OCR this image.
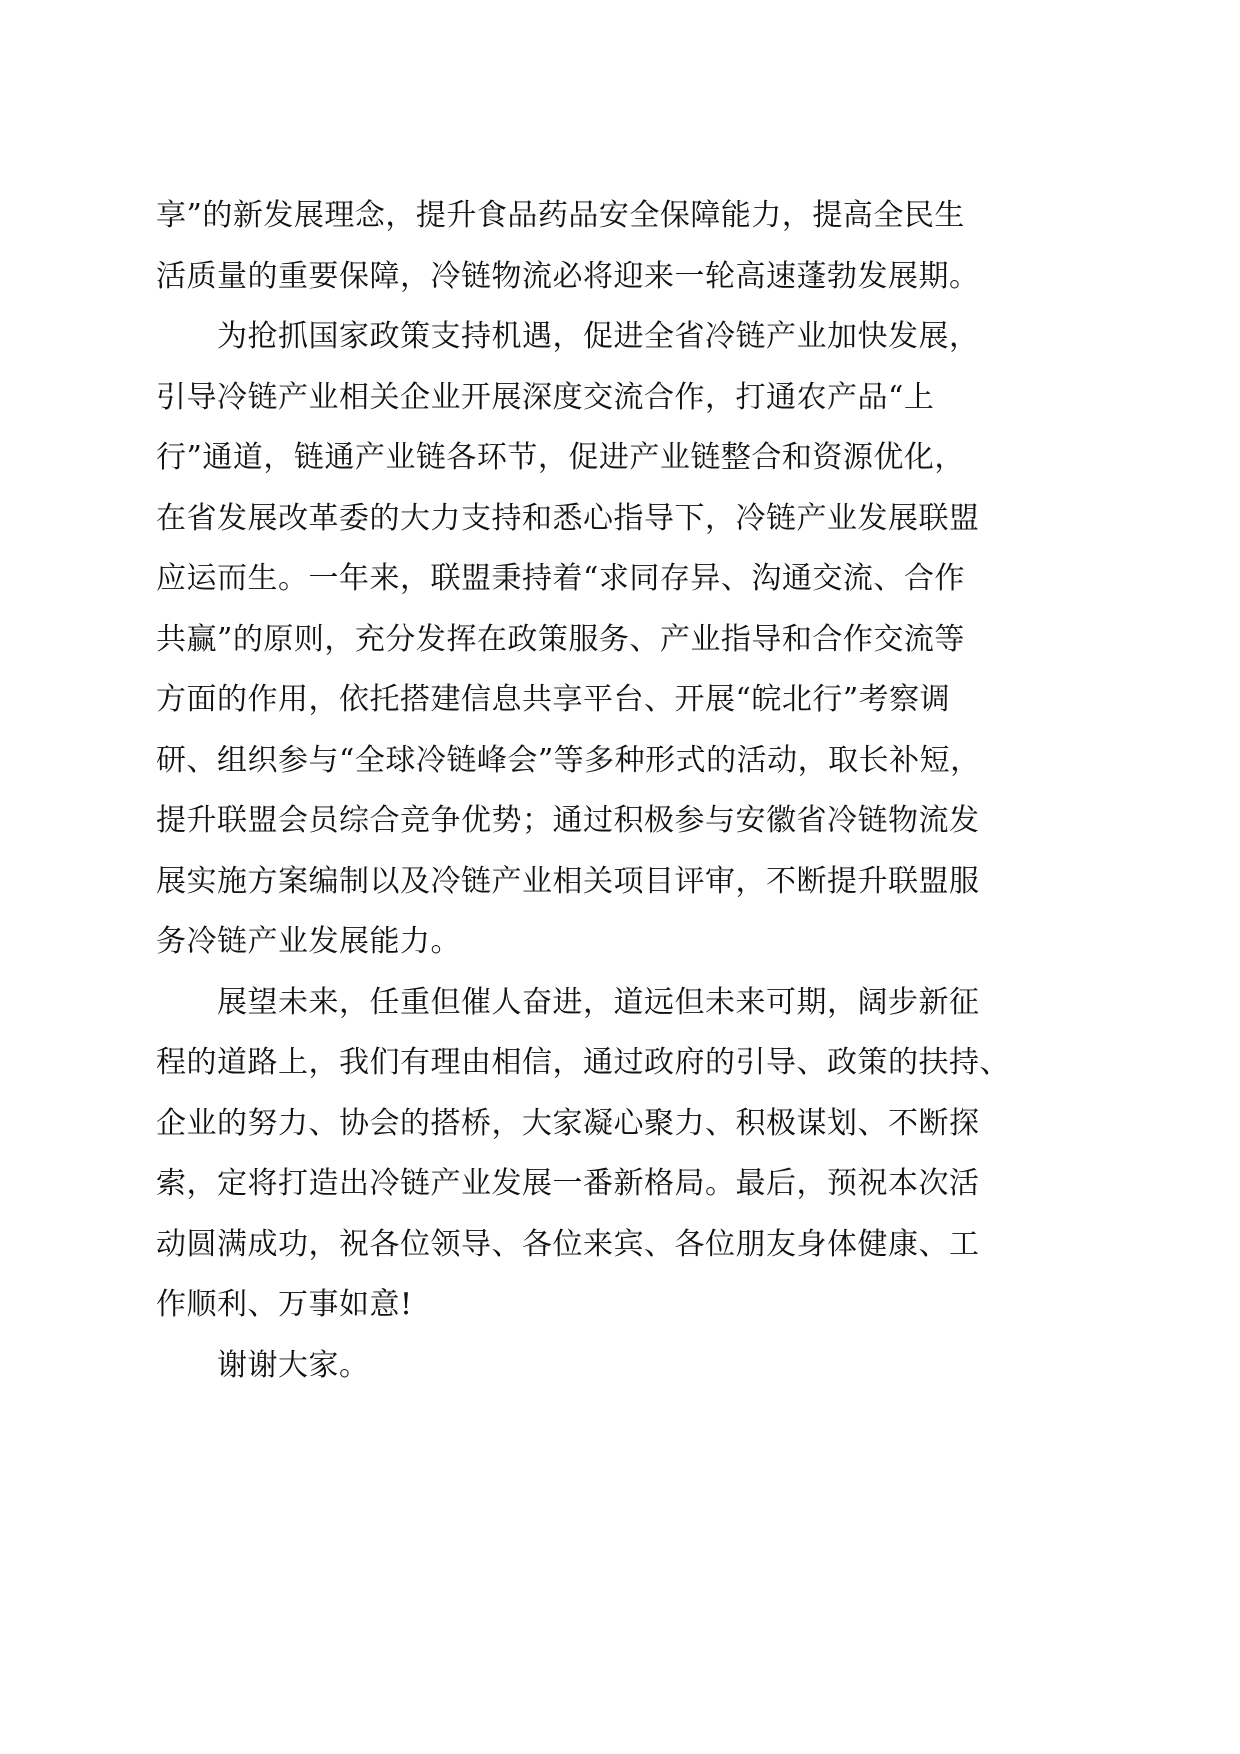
享”的新发展理念，提升食品药品安全保障能力，提高全民生
活质量的重要保障，冷链物流必将迎来一轮高速蓬勃发展期。
　　为抢抓国家政策支持机遇，促进全省冷链产业加快发展，
引导冷链产业相关企业开展深度交流合作，打通农产品“上
行”通道，链通产业链各环节，促进产业链整合和资源优化，
在省发展改革委的大力支持和悉心指导下，冷链产业发展联盟
应运而生。一年来，联盟秉持着“求同存异、沟通交流、合作
共赢”的原则，充分发挥在政策服务、产业指导和合作交流等
方面的作用，依托搭建信息共享平台、开展“皖北行”考察调
研、组织参与“全球冷链峰会”等多种形式的活动，取长补短，
提升联盟会员综合竞争优势；通过积极参与安徽省冷链物流发
展实施方案编制以及冷链产业相关项目评审，不断提升联盟服
务冷链产业发展能力。
　　展望未来，任重但催人奋进，道远但未来可期，阔步新征
程的道路上，我们有理由相信，通过政府的引导、政策的扶持、
企业的努力、协会的搭桥，大家凝心聚力、积极谋划、不断探
索，定将打造出冷链产业发展一番新格局。最后，预祝本次活
动圆满成功，祝各位领导、各位来宾、各位朋友身体健康、工
作顺利、万事如意!
　　谢谢大家。
